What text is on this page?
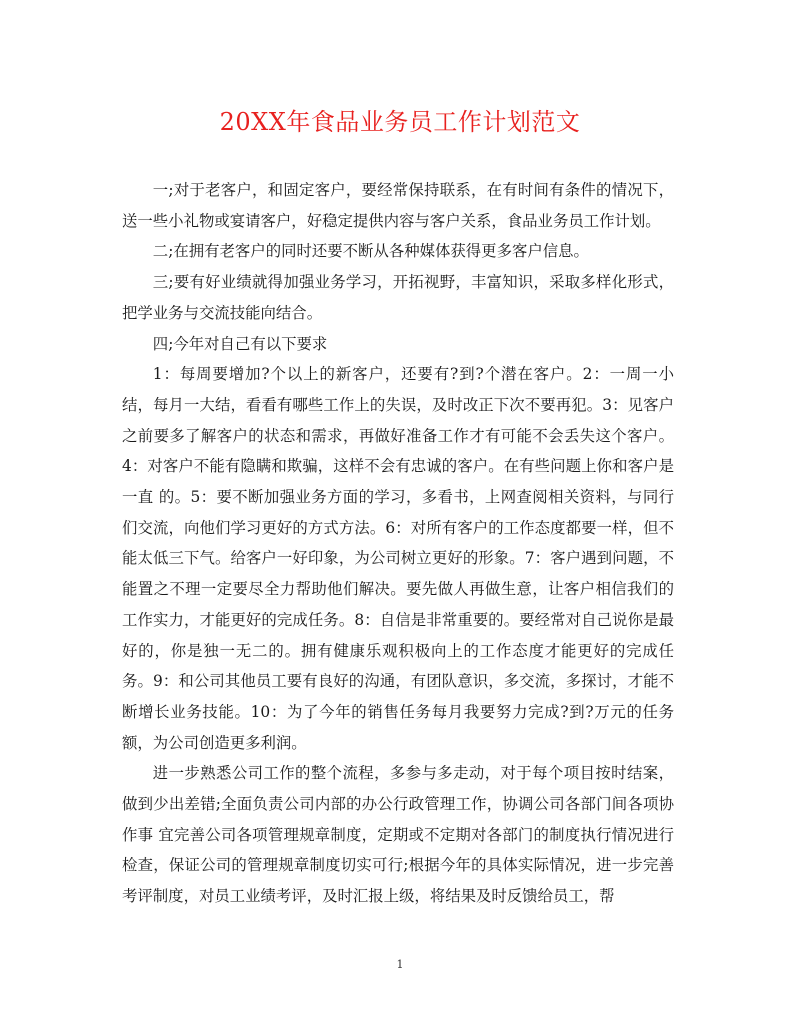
20XX年食品业务员工作计划范文

一;对于老客户，和固定客户，要经常保持联系，在有时间有条件的情况下，送一些小礼物或宴请客户，好稳定提供内容与客户关系，食品业务员工作计划。

二;在拥有老客户的同时还要不断从各种媒体获得更多客户信息。

三;要有好业绩就得加强业务学习，开拓视野，丰富知识，采取多样化形式，把学业务与交流技能向结合。

四;今年对自己有以下要求

1：每周要增加?个以上的新客户，还要有?到?个潜在客户。2：一周一小结，每月一大结，看看有哪些工作上的失误，及时改正下次不要再犯。3：见客户之前要多了解客户的状态和需求，再做好准备工作才有可能不会丢失这个客户。4：对客户不能有隐瞒和欺骗，这样不会有忠诚的客户。在有些问题上你和客户是一直 的。5：要不断加强业务方面的学习，多看书，上网查阅相关资料，与同行们交流，向他们学习更好的方式方法。6：对所有客户的工作态度都要一样，但不能太低三下气。给客户一好印象，为公司树立更好的形象。7：客户遇到问题，不能置之不理一定要尽全力帮助他们解决。要先做人再做生意，让客户相信我们的工作实力，才能更好的完成任务。8：自信是非常重要的。要经常对自己说你是最好的，你是独一无二的。拥有健康乐观积极向上的工作态度才能更好的完成任务。9：和公司其他员工要有良好的沟通，有团队意识，多交流，多探讨，才能不断增长业务技能。10：为了今年的销售任务每月我要努力完成?到?万元的任务额，为公司创造更多利润。

进一步熟悉公司工作的整个流程，多参与多走动，对于每个项目按时结案，做到少出差错;全面负责公司内部的办公行政管理工作，协调公司各部门间各项协作事 宜完善公司各项管理规章制度，定期或不定期对各部门的制度执行情况进行检查，保证公司的管理规章制度切实可行;根据今年的具体实际情况，进一步完善考评制度，对员工业绩考评，及时汇报上级，将结果及时反馈给员工，帮

1
